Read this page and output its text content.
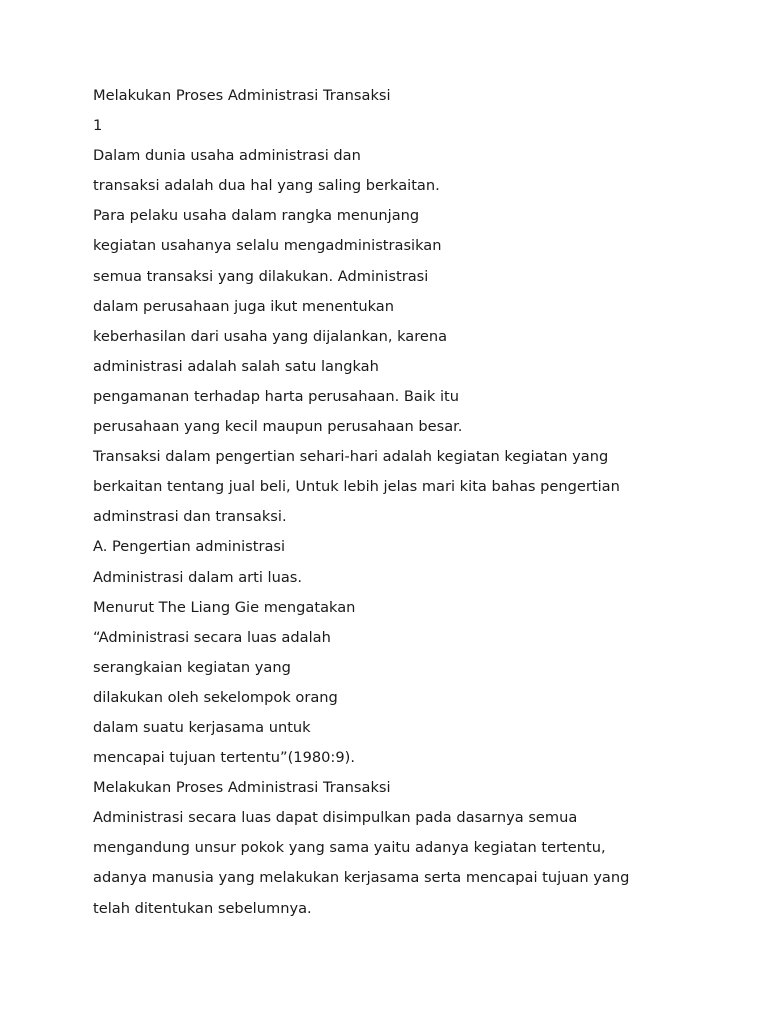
Melakukan Proses Administrasi Transaksi
1
Dalam dunia usaha administrasi dan
transaksi adalah dua hal yang saling berkaitan.
Para pelaku usaha dalam rangka menunjang
kegiatan usahanya selalu mengadministrasikan
semua transaksi yang dilakukan. Administrasi
dalam perusahaan juga ikut menentukan
keberhasilan dari usaha yang dijalankan, karena
administrasi adalah salah satu langkah
pengamanan terhadap harta perusahaan. Baik itu
perusahaan yang kecil maupun perusahaan besar.
Transaksi dalam pengertian sehari-hari adalah kegiatan kegiatan yang
berkaitan tentang jual beli, Untuk lebih jelas mari kita bahas pengertian
adminstrasi dan transaksi.
A. Pengertian administrasi
Administrasi dalam arti luas.
Menurut The Liang Gie mengatakan
“Administrasi secara luas adalah
serangkaian kegiatan yang
dilakukan oleh sekelompok orang
dalam suatu kerjasama untuk
mencapai tujuan tertentu”(1980:9).
Melakukan Proses Administrasi Transaksi
Administrasi secara luas dapat disimpulkan pada dasarnya semua
mengandung unsur pokok yang sama yaitu adanya kegiatan tertentu,
adanya manusia yang melakukan kerjasama serta mencapai tujuan yang
telah ditentukan sebelumnya.
